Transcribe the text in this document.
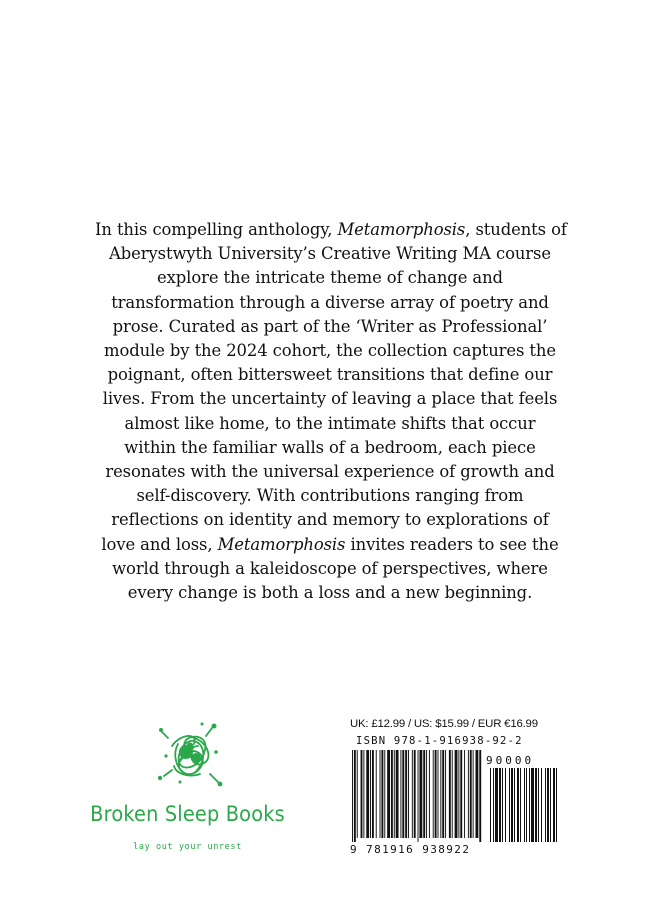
In this compelling anthology, Metamorphosis, students of
Aberystwyth University’s Creative Writing MA course
explore the intricate theme of change and
transformation through a diverse array of poetry and
prose. Curated as part of the ‘Writer as Professional’
module by the 2024 cohort, the collection captures the
poignant, often bittersweet transitions that define our
lives. From the uncertainty of leaving a place that feels
almost like home, to the intimate shifts that occur
within the familiar walls of a bedroom, each piece
resonates with the universal experience of growth and
self-discovery. With contributions ranging from
reflections on identity and memory to explorations of
love and loss, Metamorphosis invites readers to see the
world through a kaleidoscope of perspectives, where
every change is both a loss and a new beginning.
Broken Sleep Books
lay out your unrest
UK: £12.99 / US: $15.99 / EUR €16.99
ISBN 978-1-916938-92-2
90000
9 781916 938922
